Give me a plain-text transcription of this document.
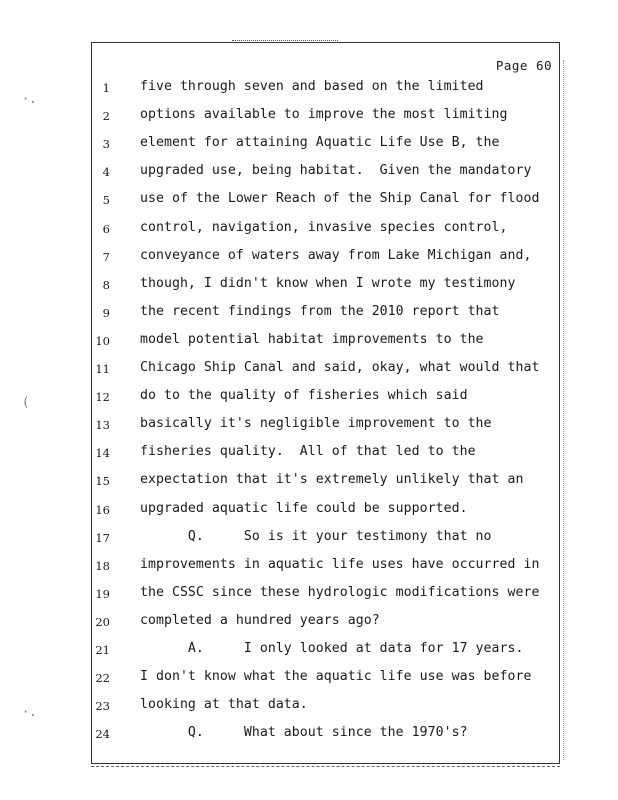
·.
(
·.
Page 60
1 five through seven and based on the limited
2 options available to improve the most limiting
3 element for attaining Aquatic Life Use B, the
4 upgraded use, being habitat.  Given the mandatory
5 use of the Lower Reach of the Ship Canal for flood
6 control, navigation, invasive species control,
7 conveyance of waters away from Lake Michigan and,
8 though, I didn't know when I wrote my testimony
9 the recent findings from the 2010 report that
10 model potential habitat improvements to the
11 Chicago Ship Canal and said, okay, what would that
12 do to the quality of fisheries which said
13 basically it's negligible improvement to the
14 fisheries quality.  All of that led to the
15 expectation that it's extremely unlikely that an
16 upgraded aquatic life could be supported.
17 Q.     So is it your testimony that no
18 improvements in aquatic life uses have occurred in
19 the CSSC since these hydrologic modifications were
20 completed a hundred years ago?
21 A.     I only looked at data for 17 years.
22 I don't know what the aquatic life use was before
23 looking at that data.
24 Q.     What about since the 1970's?
